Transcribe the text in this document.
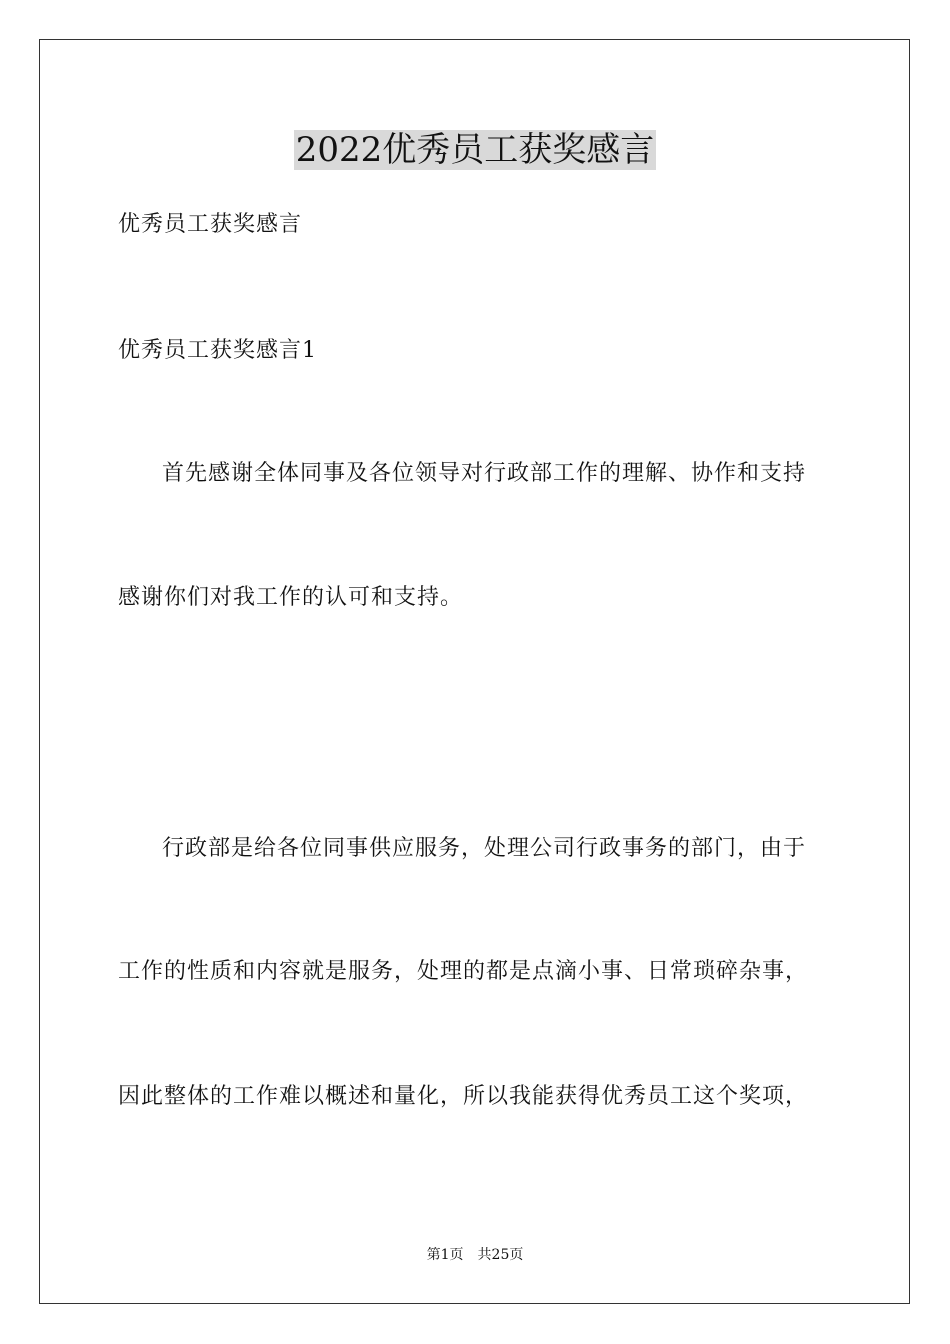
2022优秀员工获奖感言

优秀员工获奖感言

优秀员工获奖感言1

首先感谢全体同事及各位领导对行政部工作的理解、协作和支持

感谢你们对我工作的认可和支持。

行政部是给各位同事供应服务，处理公司行政事务的部门，由于

工作的性质和内容就是服务，处理的都是点滴小事、日常琐碎杂事，

因此整体的工作难以概述和量化，所以我能获得优秀员工这个奖项，

第1页 共25页
